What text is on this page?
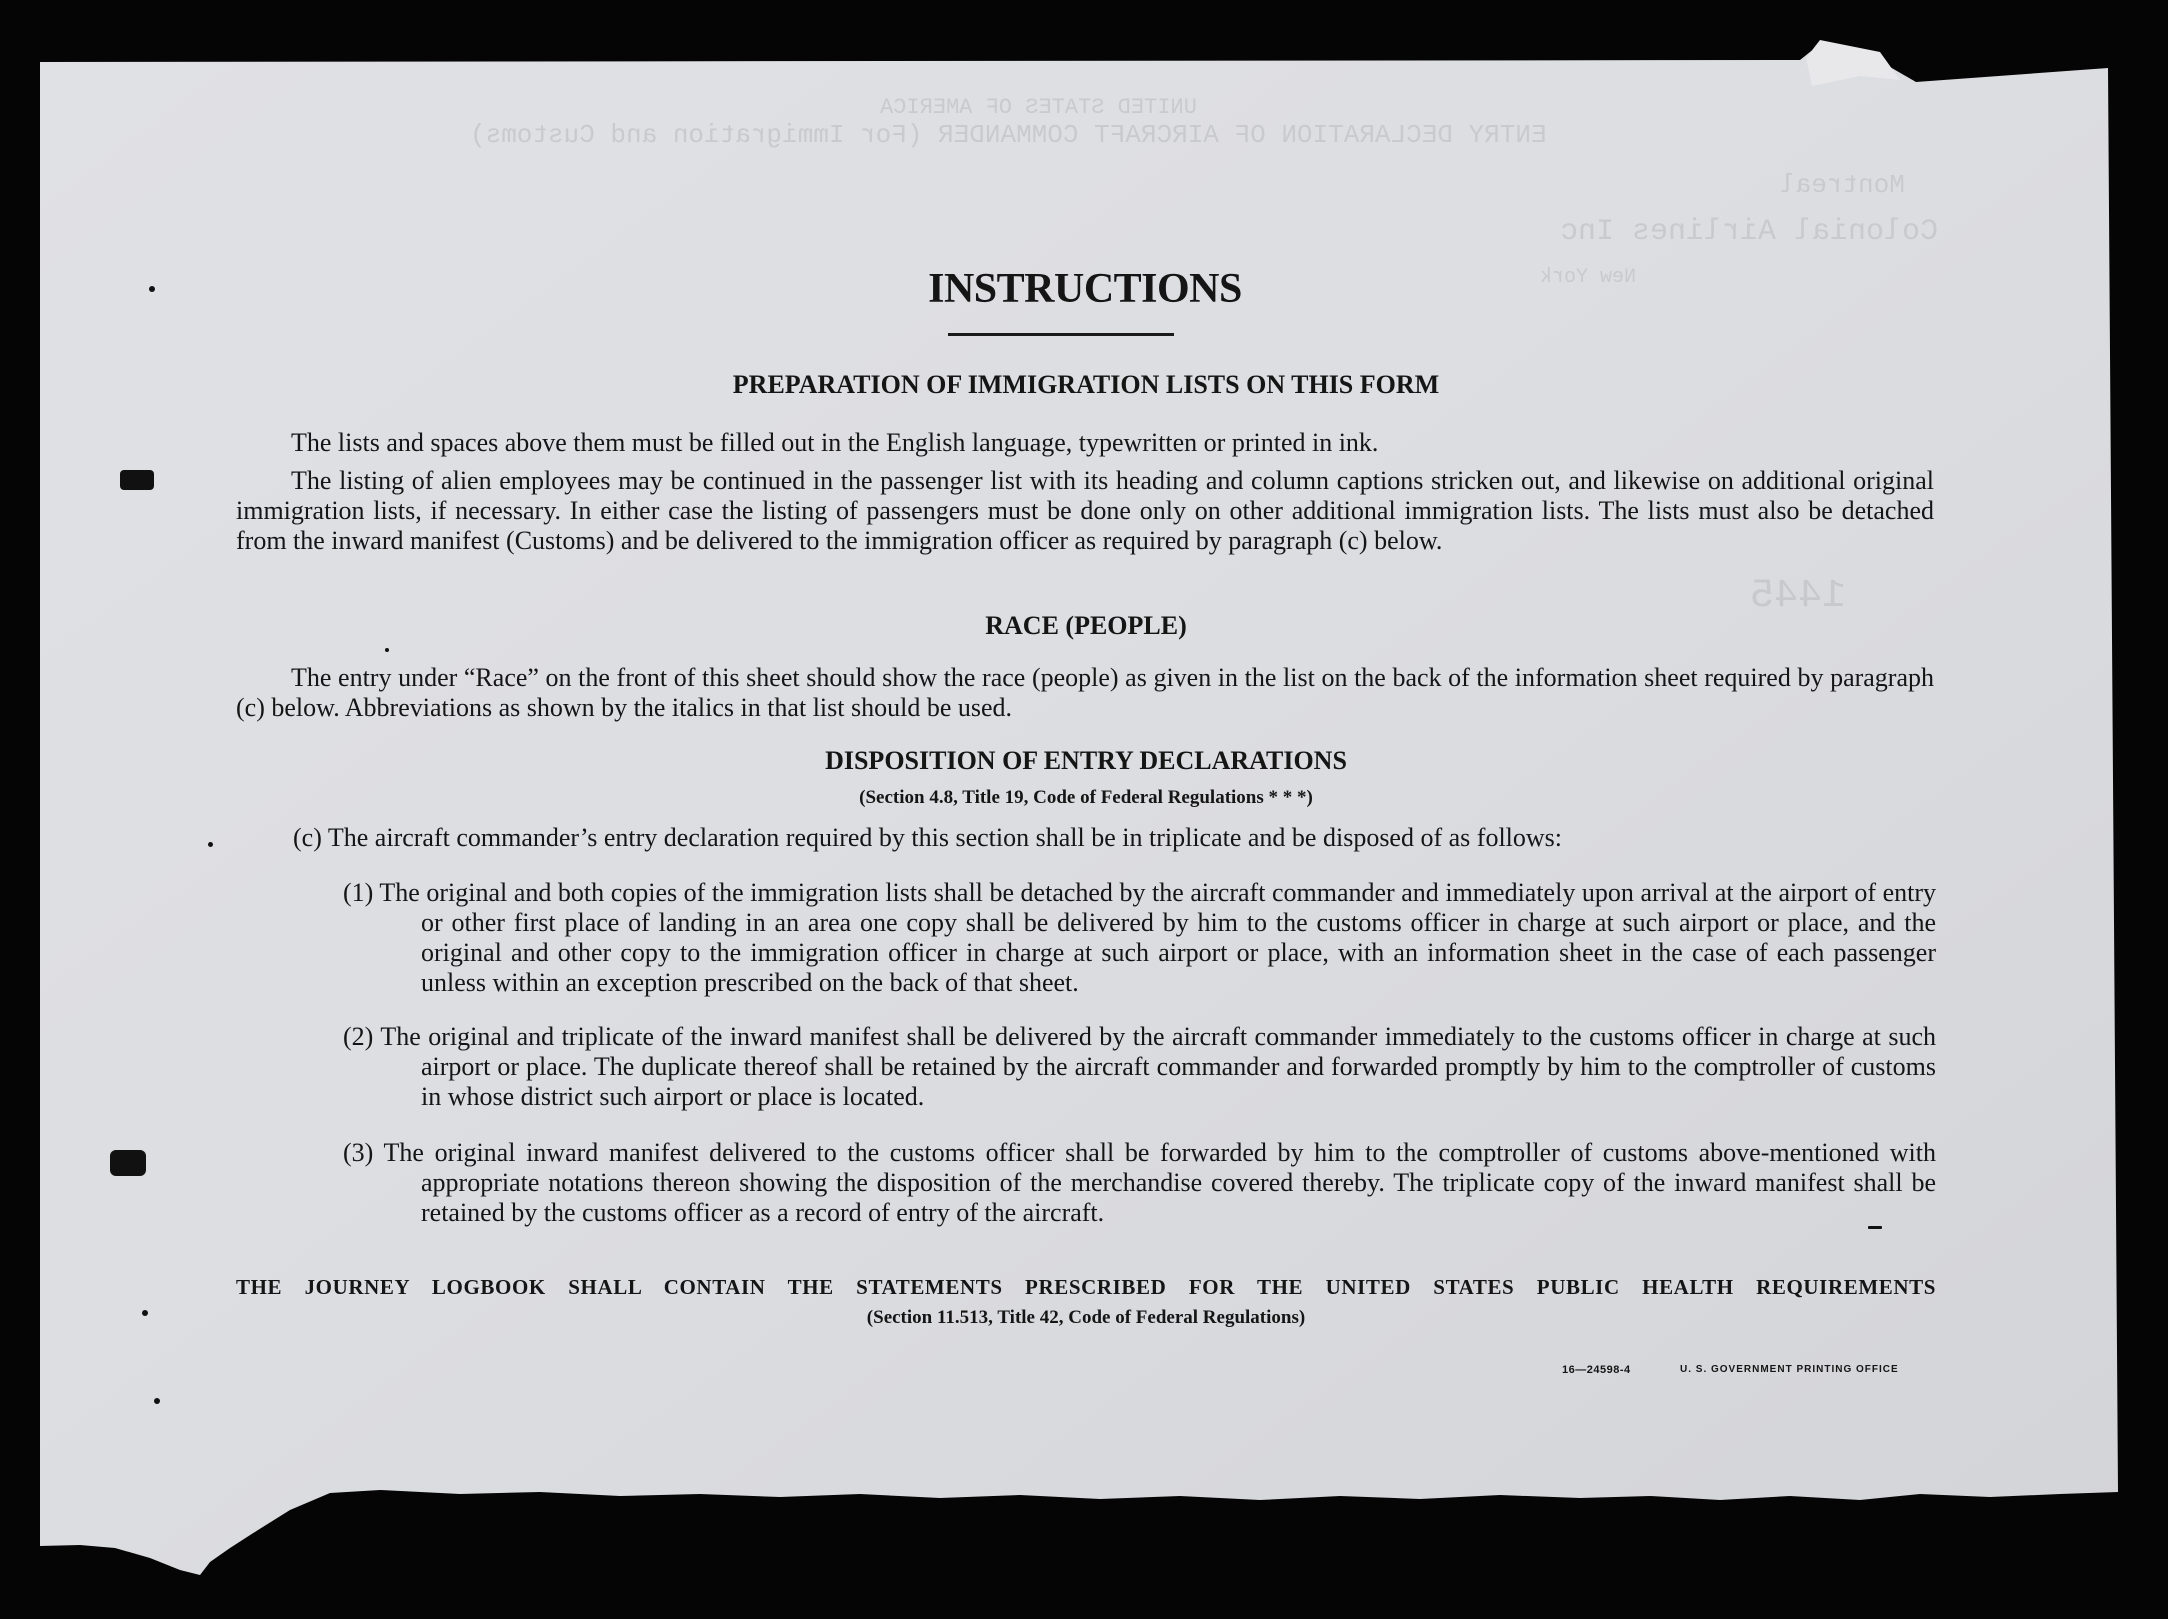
UNITED STATES OF AMERICA
ENTRY DECLARATION OF AIRCRAFT COMMANDER (For Immigration and Customs)
Montreal
Colonial Airlines Inc
New York
1445
INSTRUCTIONS
PREPARATION OF IMMIGRATION LISTS ON THIS FORM
The lists and spaces above them must be filled out in the English language, typewritten or printed in ink.
The listing of alien employees may be continued in the passenger list with its heading and column captions stricken out, and likewise on additional original immigration lists, if necessary. In either case the listing of passengers must be done only on other additional immigration lists. The lists must also be detached from the inward manifest (Customs) and be delivered to the immigration officer as required by paragraph (c) below.
RACE (PEOPLE)
The entry under “Race” on the front of this sheet should show the race (people) as given in the list on the back of the information sheet required by paragraph (c) below. Abbreviations as shown by the italics in that list should be used.
DISPOSITION OF ENTRY DECLARATIONS
(Section 4.8, Title 19, Code of Federal Regulations * * *)
(c) The aircraft commander’s entry declaration required by this section shall be in triplicate and be disposed of as follows:
(1) The original and both copies of the immigration lists shall be detached by the aircraft commander and immediately upon arrival at the airport of entry or other first place of landing in an area one copy shall be delivered by him to the customs officer in charge at such airport or place, and the original and other copy to the immigration officer in charge at such airport or place, with an information sheet in the case of each passenger unless within an exception prescribed on the back of that sheet.
(2) The original and triplicate of the inward manifest shall be delivered by the aircraft commander immediately to the customs officer in charge at such airport or place. The duplicate thereof shall be retained by the aircraft commander and forwarded promptly by him to the comptroller of customs in whose district such airport or place is located.
(3) The original inward manifest delivered to the customs officer shall be forwarded by him to the comptroller of customs above-mentioned with appropriate notations thereon showing the disposition of the merchandise covered thereby. The triplicate copy of the inward manifest shall be retained by the customs officer as a record of entry of the aircraft.
THE JOURNEY LOGBOOK SHALL CONTAIN THE STATEMENTS PRESCRIBED FOR THE UNITED STATES PUBLIC HEALTH REQUIREMENTS
(Section 11.513, Title 42, Code of Federal Regulations)
16—24598-4	U. S. GOVERNMENT PRINTING OFFICE
